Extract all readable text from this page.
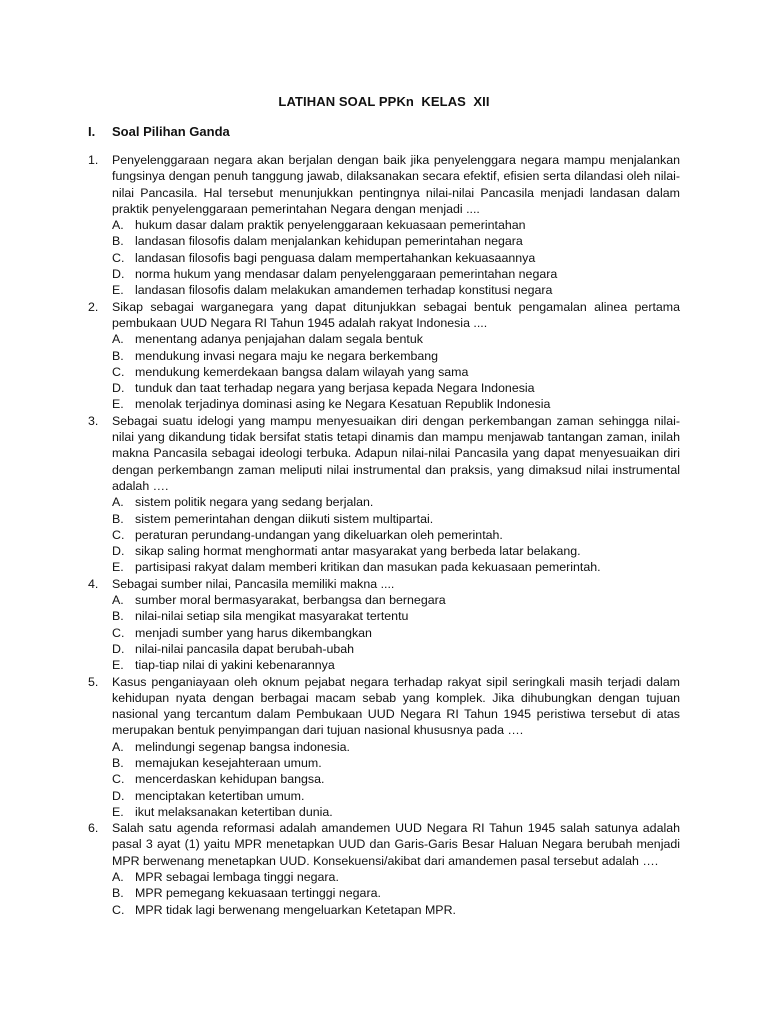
LATIHAN SOAL PPKn  KELAS  XII
I. Soal Pilihan Ganda
1. Penyelenggaraan negara akan berjalan dengan baik jika penyelenggara negara mampu menjalankan fungsinya dengan penuh tanggung jawab, dilaksanakan secara efektif, efisien serta dilandasi oleh nilai-nilai Pancasila. Hal tersebut menunjukkan pentingnya nilai-nilai Pancasila menjadi landasan dalam praktik penyelenggaraan pemerintahan Negara dengan menjadi ....
A. hukum dasar dalam praktik penyelenggaraan kekuasaan pemerintahan
B. landasan filosofis dalam menjalankan kehidupan pemerintahan negara
C. landasan filosofis bagi penguasa dalam mempertahankan kekuasaannya
D. norma hukum yang mendasar dalam penyelenggaraan pemerintahan negara
E. landasan filosofis dalam melakukan amandemen terhadap konstitusi negara
2. Sikap sebagai warganegara yang dapat ditunjukkan sebagai bentuk pengamalan alinea pertama pembukaan UUD Negara RI Tahun 1945 adalah rakyat Indonesia ....
A. menentang adanya penjajahan dalam segala bentuk
B. mendukung invasi negara maju ke negara berkembang
C. mendukung kemerdekaan bangsa dalam wilayah yang sama
D. tunduk dan taat terhadap negara yang berjasa kepada Negara Indonesia
E. menolak terjadinya dominasi asing ke Negara Kesatuan Republik Indonesia
3. Sebagai suatu idelogi yang mampu menyesuaikan diri dengan perkembangan zaman sehingga nilai-nilai yang dikandung tidak bersifat statis tetapi dinamis dan mampu menjawab tantangan zaman, inilah makna Pancasila sebagai ideologi terbuka. Adapun nilai-nilai Pancasila yang dapat menyesuaikan diri dengan perkembangn zaman meliputi nilai instrumental dan praksis, yang dimaksud nilai instrumental adalah ….
A. sistem politik negara yang sedang berjalan.
B. sistem pemerintahan dengan diikuti sistem multipartai.
C. peraturan perundang-undangan yang dikeluarkan oleh pemerintah.
D. sikap saling hormat menghormati antar masyarakat yang berbeda latar belakang.
E. partisipasi rakyat dalam memberi kritikan dan masukan pada kekuasaan pemerintah.
4. Sebagai sumber nilai, Pancasila memiliki makna ....
A. sumber moral bermasyarakat, berbangsa dan bernegara
B. nilai-nilai setiap sila mengikat masyarakat tertentu
C. menjadi sumber yang harus dikembangkan
D. nilai-nilai pancasila dapat berubah-ubah
E. tiap-tiap nilai di yakini kebenarannya
5. Kasus penganiayaan oleh oknum pejabat negara terhadap rakyat sipil seringkali masih terjadi dalam kehidupan nyata dengan berbagai macam sebab yang komplek. Jika dihubungkan dengan tujuan nasional yang tercantum dalam Pembukaan UUD Negara RI Tahun 1945 peristiwa tersebut di atas merupakan bentuk penyimpangan dari tujuan nasional khususnya pada ….
A. melindungi segenap bangsa indonesia.
B. memajukan kesejahteraan umum.
C. mencerdaskan kehidupan bangsa.
D. menciptakan ketertiban umum.
E. ikut melaksanakan ketertiban dunia.
6. Salah satu agenda reformasi adalah amandemen UUD Negara RI Tahun 1945 salah satunya adalah pasal 3 ayat (1) yaitu MPR menetapkan UUD dan Garis-Garis Besar Haluan Negara berubah menjadi MPR berwenang menetapkan UUD. Konsekuensi/akibat dari amandemen pasal tersebut adalah ….
A. MPR sebagai lembaga tinggi negara.
B. MPR pemegang kekuasaan tertinggi negara.
C. MPR tidak lagi berwenang mengeluarkan Ketetapan MPR.
